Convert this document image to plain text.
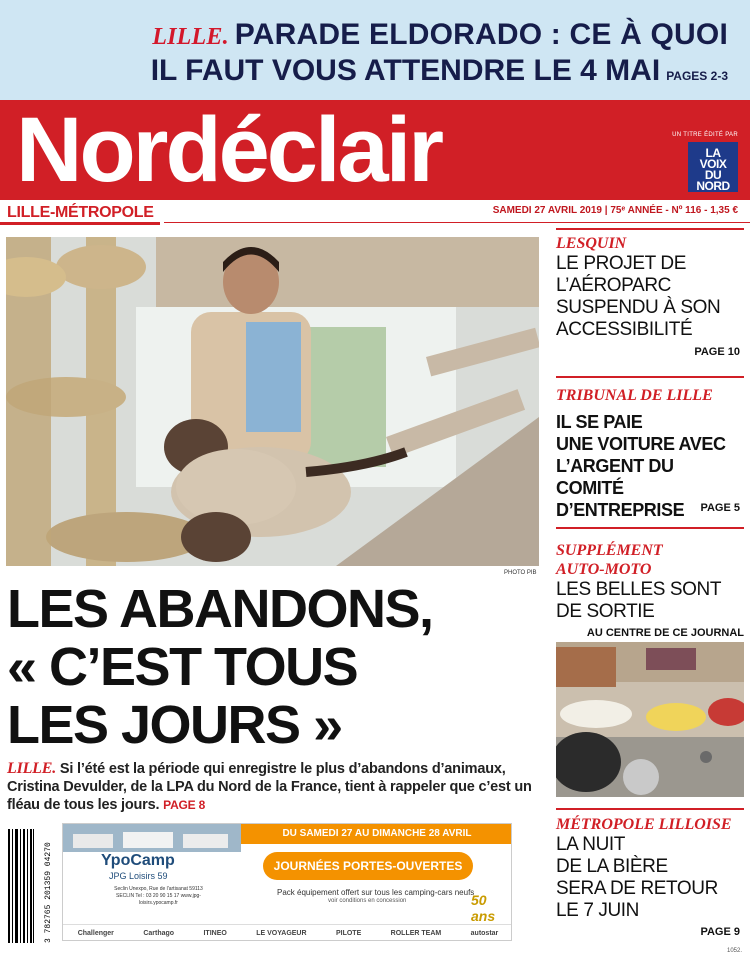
LILLE. PARADE ELDORADO : CE À QUOI
IL FAUT VOUS ATTENDRE LE 4 MAI PAGES 2-3
Nordéclair	UN TITRE ÉDITÉ PAR
LA
VOIX
DU
NORD
LILLE-MÉTROPOLE	SAMEDI 27 AVRIL 2019 | 75ᵉ ANNÉE - Nº 116 - 1,35 €
PHOTO PIB
LES ABANDONS,
« C’EST TOUS
LES JOURS »
LILLE. Si l’été est la période qui enregistre le plus d’abandons d’animaux, Cristina Devulder, de la LPA du Nord de la France, tient à rappeler que c’est un fléau de tous les jours. PAGE 8
3 782765 201359 04270	YpoCamp
JPG Loisirs 59
Seclin Unexpo, Rue de l'artisanat 59113 SECLIN Tel : 03 20 90 15 17 www.jpg-loisirs.ypocamp.fr
DU SAMEDI 27 AU DIMANCHE 28 AVRIL
JOURNÉES PORTES-OUVERTES
Pack équipement offert sur tous les camping-cars neufs
voir conditions en concession	50 ans
Challenger	Carthago	ITINEO	LE VOYAGEUR	PILOTE	ROLLER TEAM	autostar
LESQUIN
LE PROJET DE
L’AÉROPARC
SUSPENDU À SON
ACCESSIBILITÉ
PAGE 10
TRIBUNAL DE LILLE
IL SE PAIE
UNE VOITURE AVEC
L’ARGENT DU COMITÉ
D’ENTREPRISE	PAGE 5
SUPPLÉMENT
AUTO-MOTO
LES BELLES SONT
DE SORTIE
AU CENTRE DE CE JOURNAL
MÉTROPOLE LILLOISE
LA NUIT
DE LA BIÈRE
SERA DE RETOUR
LE 7 JUIN
PAGE 9
1052.
